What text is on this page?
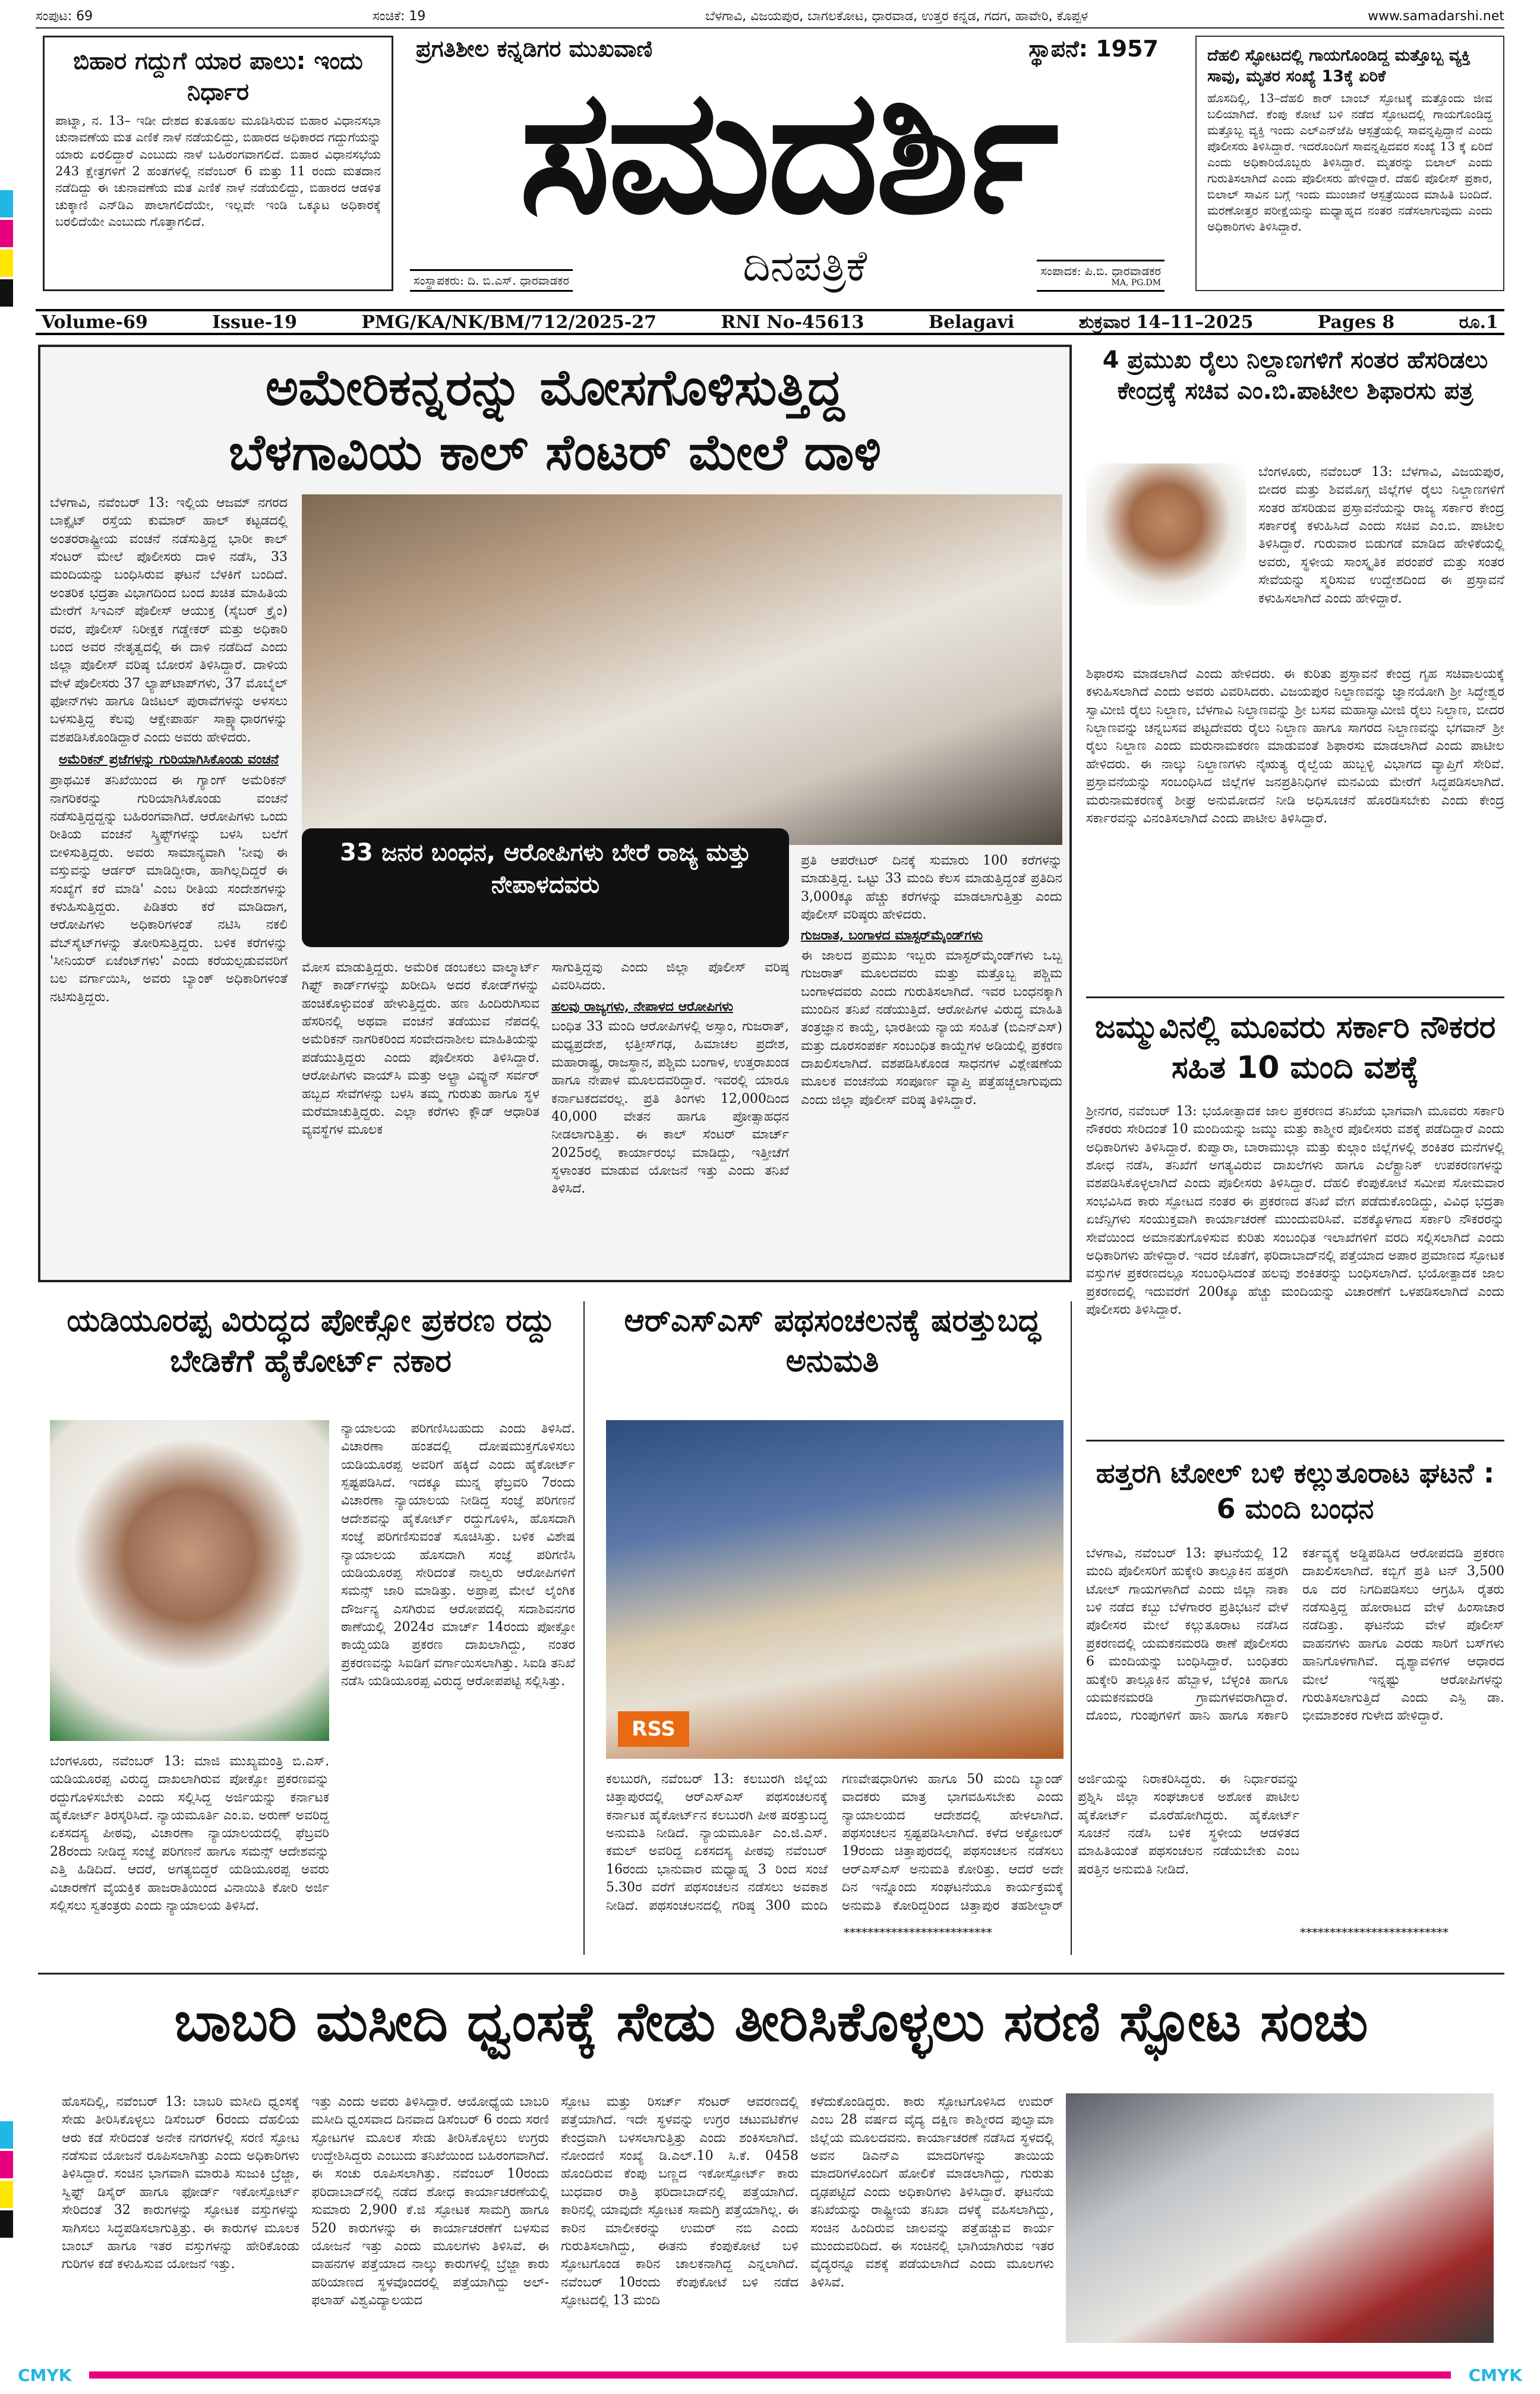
ಸಂಪುಟ: 69	ಸಂಚಿಕೆ: 19	ಬೆಳಗಾವಿ, ವಿಜಯಪುರ, ಬಾಗಲಕೋಟ, ಧಾರವಾಡ, ಉತ್ತರ ಕನ್ನಡ, ಗದಗ, ಹಾವೇರಿ, ಕೊಪ್ಪಳ	www.samadarshi.net
ಬಿಹಾರ ಗದ್ದುಗೆ ಯಾರ ಪಾಲು: ಇಂದು ನಿರ್ಧಾರ
ಪಾಟ್ನಾ, ನ. 13– ಇಡೀ ದೇಶದ ಕುತೂಹಲ ಮೂಡಿಸಿರುವ ಬಿಹಾರ ವಿಧಾನಸಭಾ ಚುನಾವಣೆಯ ಮತ ಎಣಿಕೆ ನಾಳೆ ನಡೆಯಲಿದ್ದು, ಬಿಹಾರದ ಅಧಿಕಾರದ ಗದ್ದುಗೆಯನ್ನು ಯಾರು ಏರಲಿದ್ದಾರೆ ಎಂಬುದು ನಾಳೆ ಬಹಿರಂಗವಾಗಲಿದೆ. ಬಿಹಾರ ವಿಧಾನಸಭೆಯ 243 ಕ್ಷೇತ್ರಗಳಿಗೆ 2 ಹಂತಗಳಲ್ಲಿ ನವೆಂಬರ್ 6 ಮತ್ತು 11 ರಂದು ಮತದಾನ ನಡೆದಿದ್ದು ಈ ಚುನಾವಣೆಯ ಮತ ಎಣಿಕೆ ನಾಳೆ ನಡೆಯಲಿದ್ದು, ಬಿಹಾರದ ಆಡಳಿತ ಚುಕ್ಕಾಣಿ ಎನ್‌ಡಿಎ ಪಾಲಾಗಲಿದೆಯೇ, ಇಲ್ಲವೇ ಇಂಡಿ ಒಕ್ಕೂಟ ಅಧಿಕಾರಕ್ಕೆ ಬರಲಿದೆಯೇ ಎಂಬುದು ಗೊತ್ತಾಗಲಿದೆ.
ಪ್ರಗತಿಶೀಲ ಕನ್ನಡಿಗರ ಮುಖವಾಣಿ	ಸ್ಥಾಪನೆ: 1957
ಸಮದರ್ಶಿ
ಸಂಸ್ಥಾಪಕರು: ದಿ. ಬಿ.ಎಸ್. ಧಾರವಾಡಕರ	ದಿನಪತ್ರಿಕೆ	ಸಂಪಾದಕ: ಪಿ.ಬಿ. ಧಾರವಾಡಕರ
MA, PG.DM
ದೆಹಲಿ ಸ್ಫೋಟದಲ್ಲಿ ಗಾಯಗೊಂಡಿದ್ದ ಮತ್ತೊಬ್ಬ ವ್ಯಕ್ತಿ ಸಾವು, ಮೃತರ ಸಂಖ್ಯೆ 13ಕ್ಕೆ ಏರಿಕೆ
ಹೊಸದಿಲ್ಲಿ, 13–ದೆಹಲಿ ಕಾರ್ ಬಾಂಬ್ ಸ್ಫೋಟಕ್ಕೆ ಮತ್ತೊಂದು ಜೀವ ಬಲಿಯಾಗಿದೆ. ಕೆಂಪು ಕೋಟೆ ಬಳಿ ನಡೆದ ಸ್ಫೋಟದಲ್ಲಿ ಗಾಯಗೊಂಡಿದ್ದ ಮತ್ತೊಬ್ಬ ವ್ಯಕ್ತಿ ಇಂದು ಎಲ್‌ಎನ್‌ಜೆಪಿ ಆಸ್ಪತ್ರೆಯಲ್ಲಿ ಸಾವನ್ನಪ್ಪಿದ್ದಾನೆ ಎಂದು ಪೊಲೀಸರು ತಿಳಿಸಿದ್ದಾರೆ. ಇದರೊಂದಿಗೆ ಸಾವನ್ನಪ್ಪಿದವರ ಸಂಖ್ಯೆ 13 ಕ್ಕೆ ಏರಿದೆ ಎಂದು ಅಧಿಕಾರಿಯೊಬ್ಬರು ತಿಳಿಸಿದ್ದಾರೆ. ಮೃತರನ್ನು ಬಿಲಾಲ್ ಎಂದು ಗುರುತಿಸಲಾಗಿದೆ ಎಂದು ಪೊಲೀಸರು ಹೇಳಿದ್ದಾರೆ. ದೆಹಲಿ ಪೊಲೀಸ್ ಪ್ರಕಾರ, ಬಿಲಾಲ್ ಸಾವಿನ ಬಗ್ಗೆ ಇಂದು ಮುಂಜಾನೆ ಆಸ್ಪತ್ರೆಯಿಂದ ಮಾಹಿತಿ ಬಂದಿದೆ. ಮರಣೋತ್ತರ ಪರೀಕ್ಷೆಯನ್ನು ಮಧ್ಯಾಹ್ನದ ನಂತರ ನಡೆಸಲಾಗುವುದು ಎಂದು ಅಧಿಕಾರಿಗಳು ತಿಳಿಸಿದ್ದಾರೆ.
Volume-69	Issue-19	PMG/KA/NK/BM/712/2025-27	RNI No-45613	Belagavi	ಶುಕ್ರವಾರ 14–11–2025	Pages 8	ರೂ.1
ಅಮೇರಿಕನ್ನರನ್ನು ಮೋಸಗೊಳಿಸುತ್ತಿದ್ದ
ಬೆಳಗಾವಿಯ ಕಾಲ್ ಸೆಂಟರ್ ಮೇಲೆ ದಾಳಿ
ಬೆಳಗಾವಿ, ನವೆಂಬರ್ 13: ಇಲ್ಲಿಯ ಆಜಮ್ ನಗರದ ಬಾಕ್ಸೈಟ್ ರಸ್ತೆಯ ಕುಮಾರ್ ಹಾಲ್ ಕಟ್ಟಡದಲ್ಲಿ ಅಂತರರಾಷ್ಟ್ರೀಯ ವಂಚನೆ ನಡೆಸುತ್ತಿದ್ದ ಭಾರೀ ಕಾಲ್ ಸೆಂಟರ್ ಮೇಲೆ ಪೊಲೀಸರು ದಾಳಿ ನಡೆಸಿ, 33 ಮಂದಿಯನ್ನು ಬಂಧಿಸಿರುವ ಘಟನೆ ಬೆಳಕಿಗೆ ಬಂದಿದೆ. ಅಂತರಿಕ ಭದ್ರತಾ ವಿಭಾಗದಿಂದ ಬಂದ ಖಚಿತ ಮಾಹಿತಿಯ ಮೇರೆಗೆ ಸಿಇಎನ್ ಪೊಲೀಸ್ ಆಯುಕ್ತ (ಸೈಬರ್ ಕ್ರೈಂ) ರವರ, ಪೊಲೀಸ್ ನಿರೀಕ್ಷಕ ಗಡ್ಡೇಕರ್ ಮತ್ತು ಅಧಿಕಾರಿ ಬಂದ ಅವರ ನೇತೃತ್ವದಲ್ಲಿ ಈ ದಾಳಿ ನಡೆದಿದೆ ಎಂದು ಜಿಲ್ಲಾ ಪೊಲೀಸ್ ವರಿಷ್ಠ ಬೋರಸೆ ತಿಳಿಸಿದ್ದಾರೆ. ದಾಳಿಯ ವೇಳೆ ಪೊಲೀಸರು 37 ಲ್ಯಾಪ್‌ಟಾಪ್‌ಗಳು, 37 ಮೊಬೈಲ್ ಫೋನ್‌ಗಳು ಹಾಗೂ ಡಿಜಿಟಲ್ ಪುರಾವೆಗಳನ್ನು ಅಳಸಲು ಬಳಸುತ್ತಿದ್ದ ಕೆಲವು ಆಕ್ಷೇಪಾರ್ಹ ಸಾಕ್ಷ್ಯಾಧಾರಗಳನ್ನು ವಶಪಡಿಸಿಕೊಂಡಿದ್ದಾರೆ ಎಂದು ಅವರು ಹೇಳಿದರು.
ಅಮೆರಿಕನ್ ಪ್ರಜೆಗಳನ್ನು ಗುರಿಯಾಗಿಸಿಕೊಂಡು ವಂಚನೆ
ಪ್ರಾಥಮಿಕ ತನಿಖೆಯಿಂದ ಈ ಗ್ಯಾಂಗ್ ಅಮೆರಿಕನ್ ನಾಗರಿಕರನ್ನು ಗುರಿಯಾಗಿಸಿಕೊಂಡು ವಂಚನೆ ನಡೆಸುತ್ತಿದ್ದದ್ದನ್ನು ಬಹಿರಂಗವಾಗಿದೆ. ಆರೋಪಿಗಳು ಒಂದು ರೀತಿಯ ವಂಚನೆ ಸ್ಕ್ರಿಪ್ಟ್‌ಗಳನ್ನು ಬಳಸಿ ಬಲೆಗೆ ಬೀಳಿಸುತ್ತಿದ್ದರು. ಅವರು ಸಾಮಾನ್ಯವಾಗಿ 'ನೀವು ಈ ವಸ್ತುವನ್ನು ಆರ್ಡರ್ ಮಾಡಿದ್ದೀರಾ, ಹಾಗಿಲ್ಲದಿದ್ದರೆ ಈ ಸಂಖ್ಯೆಗೆ ಕರೆ ಮಾಡಿ' ಎಂಬ ರೀತಿಯ ಸಂದೇಶಗಳನ್ನು ಕಳುಹಿಸುತ್ತಿದ್ದರು. ಪಿಡಿತರು ಕರೆ ಮಾಡಿದಾಗ, ಆರೋಪಿಗಳು ಅಧಿಕಾರಿಗಳಂತೆ ನಟಿಸಿ ನಕಲಿ ವೆಬ್‌ಸೈಟ್‌ಗಳನ್ನು ತೋರಿಸುತ್ತಿದ್ದರು. ಬಳಿಕ ಕರೆಗಳನ್ನು 'ಸೀನಿಯರ್ ಏಜೆಂಟ್‌ಗಳು' ಎಂದು ಕರೆಯಲ್ಪಡುವವರಿಗೆ ಬಲ ವರ್ಗಾಯಿಸಿ, ಅವರು ಬ್ಯಾಂಕ್ ಅಧಿಕಾರಿಗಳಂತೆ ನಟಿಸುತ್ತಿದ್ದರು.
33 ಜನರ ಬಂಧನ, ಆರೋಪಿಗಳು ಬೇರೆ ರಾಜ್ಯ ಮತ್ತು ನೇಪಾಳದವರು
ಮೋಸ ಮಾಡುತ್ತಿದ್ದರು. ಅಮೆರಿಕ ಡಂಬಕಲು ವಾಲ್ಮಾರ್ಟ್ ಗಿಫ್ಟ್ ಕಾರ್ಡ್‌ಗಳನ್ನು ಖರೀದಿಸಿ ಅದರ ಕೋಡ್‌ಗಳನ್ನು ಹಂಚಿಕೊಳ್ಳುವಂತೆ ಹೇಳುತ್ತಿದ್ದರು. ಹಣ ಹಿಂದಿರುಗಿಸುವ ಹೆಸರಿನಲ್ಲಿ ಅಥವಾ ವಂಚನೆ ತಡೆಯುವ ನೆಪದಲ್ಲಿ ಅಮೆರಿಕನ್ ನಾಗರಿಕರಿಂದ ಸಂವೇದನಾಶೀಲ ಮಾಹಿತಿಯನ್ನು ಪಡೆಯುತ್ತಿದ್ದರು ಎಂದು ಪೊಲೀಸರು ತಿಳಿಸಿದ್ದಾರೆ. ಆರೋಪಿಗಳು ವಾಯ್‌ಸಿ ಮತ್ತು ಅಲ್ಟ್ರಾ ವಿವ್ಯುನ್ ಸರ್ವರ್ ಹಬ್ಬದ ಸೇವೆಗಳನ್ನು ಬಳಸಿ ತಮ್ಮ ಗುರುತು ಹಾಗೂ ಸ್ಥಳ ಮರೆಮಾಚುತ್ತಿದ್ದರು. ಎಲ್ಲಾ ಕರೆಗಳು ಕ್ಲೌಡ್ ಆಧಾರಿತ ವ್ಯವಸ್ಥೆಗಳ ಮೂಲಕ
ಸಾಗುತ್ತಿದ್ದವು ಎಂದು ಜಿಲ್ಲಾ ಪೊಲೀಸ್ ವರಿಷ್ಠ ವಿವರಿಸಿದರು.
ಹಲವು ರಾಜ್ಯಗಳು, ನೇಪಾಳದ ಆರೋಪಿಗಳು
ಬಂಧಿತ 33 ಮಂದಿ ಆರೋಪಿಗಳಲ್ಲಿ ಅಸ್ಸಾಂ, ಗುಜರಾತ್, ಮಧ್ಯಪ್ರದೇಶ, ಛತ್ತೀಸ್‌ಗಢ, ಹಿಮಾಚಲ ಪ್ರದೇಶ, ಮಹಾರಾಷ್ಟ್ರ, ರಾಜಸ್ಥಾನ, ಪಶ್ಚಿಮ ಬಂಗಾಳ, ಉತ್ತರಾಖಂಡ ಹಾಗೂ ನೇಪಾಳ ಮೂಲದವರಿದ್ದಾರೆ. ಇವರಲ್ಲಿ ಯಾರೂ ಕರ್ನಾಟಕದವರಲ್ಲ. ಪ್ರತಿ ತಿಂಗಳು 12,000ದಿಂದ 40,000 ವೇತನ ಹಾಗೂ ಪ್ರೋತ್ಸಾಹಧನ ನೀಡಲಾಗುತ್ತಿತ್ತು. ಈ ಕಾಲ್ ಸೆಂಟರ್ ಮಾರ್ಚ್ 2025ರಲ್ಲಿ ಕಾರ್ಯಾರಂಭ ಮಾಡಿದ್ದು, ಇತ್ತೀಚೆಗೆ ಸ್ಥಳಾಂತರ ಮಾಡುವ ಯೋಜನೆ ಇತ್ತು ಎಂದು ತನಿಖೆ ತಿಳಿಸಿದೆ.
ಪ್ರತಿ ಆಪರೇಟರ್ ದಿನಕ್ಕೆ ಸುಮಾರು 100 ಕರೆಗಳನ್ನು ಮಾಡುತ್ತಿದ್ದ. ಒಟ್ಟು 33 ಮಂದಿ ಕೆಲಸ ಮಾಡುತ್ತಿದ್ದಂತೆ ಪ್ರತಿದಿನ 3,000ಕ್ಕೂ ಹೆಚ್ಚು ಕರೆಗಳನ್ನು ಮಾಡಲಾಗುತ್ತಿತ್ತು ಎಂದು ಪೊಲೀಸ್ ವರಿಷ್ಠರು ಹೇಳಿದರು.
ಗುಜರಾತ, ಬಂಗಾಳದ ಮಾಸ್ಟರ್‌ಮೈಂಡ್‌ಗಳು
ಈ ಜಾಲದ ಪ್ರಮುಖ ಇಬ್ಬರು ಮಾಸ್ಟರ್‌ಮೈಂಡ್‌ಗಳು ಒಬ್ಬ ಗುಜರಾತ್ ಮೂಲದವರು ಮತ್ತು ಮತ್ತೊಬ್ಬ ಪಶ್ಚಿಮ ಬಂಗಾಳದವರು ಎಂದು ಗುರುತಿಸಲಾಗಿದೆ. ಇವರ ಬಂಧನಕ್ಕಾಗಿ ಮುಂದಿನ ತನಿಖೆ ನಡೆಯುತ್ತಿದೆ. ಆರೋಪಿಗಳ ವಿರುದ್ಧ ಮಾಹಿತಿ ತಂತ್ರಜ್ಞಾನ ಕಾಯ್ದೆ, ಭಾರತೀಯ ನ್ಯಾಯ ಸಂಹಿತೆ (ಬಿಎನ್‌ಎಸ್) ಮತ್ತು ದೂರಸಂಪರ್ಕ ಸಂಬಂಧಿತ ಕಾಯ್ದೆಗಳ ಅಡಿಯಲ್ಲಿ ಪ್ರಕರಣ ದಾಖಲಿಸಲಾಗಿದೆ. ವಶಪಡಿಸಿಕೊಂಡ ಸಾಧನಗಳ ವಿಶ್ಲೇಷಣೆಯ ಮೂಲಕ ವಂಚನೆಯ ಸಂಪೂರ್ಣ ವ್ಯಾಪ್ತಿ ಪತ್ತೆಹಚ್ಚಲಾಗುವುದು ಎಂದು ಜಿಲ್ಲಾ ಪೊಲೀಸ್ ವರಿಷ್ಠ ತಿಳಿಸಿದ್ದಾರೆ.
4 ಪ್ರಮುಖ ರೈಲು ನಿಲ್ದಾಣಗಳಿಗೆ ಸಂತರ ಹೆಸರಿಡಲು ಕೇಂದ್ರಕ್ಕೆ ಸಚಿವ ಎಂ.ಬಿ.ಪಾಟೀಲ ಶಿಫಾರಸು ಪತ್ರ
ಬೆಂಗಳೂರು, ನವೆಂಬರ್ 13: ಬೆಳಗಾವಿ, ವಿಜಯಪುರ, ಬೀದರ ಮತ್ತು ಶಿವಮೊಗ್ಗ ಜಿಲ್ಲೆಗಳ ರೈಲು ನಿಲ್ದಾಣಗಳಿಗೆ ಸಂತರ ಹೆಸರಿಡುವ ಪ್ರಸ್ತಾವನೆಯನ್ನು ರಾಜ್ಯ ಸರ್ಕಾರ ಕೇಂದ್ರ ಸರ್ಕಾರಕ್ಕೆ ಕಳುಹಿಸಿದೆ ಎಂದು ಸಚಿವ ಎಂ.ಬಿ. ಪಾಟೀಲ ತಿಳಿಸಿದ್ದಾರೆ. ಗುರುವಾರ ಬಿಡುಗಡೆ ಮಾಡಿದ ಹೇಳಿಕೆಯಲ್ಲಿ ಅವರು, ಸ್ಥಳೀಯ ಸಾಂಸ್ಕೃತಿಕ ಪರಂಪರೆ ಮತ್ತು ಸಂತರ ಸೇವೆಯನ್ನು ಸ್ಮರಿಸುವ ಉದ್ದೇಶದಿಂದ ಈ ಪ್ರಸ್ತಾವನೆ ಕಳುಹಿಸಲಾಗಿದೆ ಎಂದು ಹೇಳಿದ್ದಾರೆ.
ಶಿಫಾರಸು ಮಾಡಲಾಗಿದೆ ಎಂದು ಹೇಳಿದರು. ಈ ಕುರಿತು ಪ್ರಸ್ತಾವನೆ ಕೇಂದ್ರ ಗೃಹ ಸಚಿವಾಲಯಕ್ಕೆ ಕಳುಹಿಸಲಾಗಿದೆ ಎಂದು ಅವರು ವಿವರಿಸಿದರು. ವಿಜಯಪುರ ನಿಲ್ದಾಣವನ್ನು ಜ್ಞಾನಯೋಗಿ ಶ್ರೀ ಸಿದ್ಧೇಶ್ವರ ಸ್ವಾಮೀಜಿ ರೈಲು ನಿಲ್ದಾಣ, ಬೆಳಗಾವಿ ನಿಲ್ದಾಣವನ್ನು ಶ್ರೀ ಬಸವ ಮಹಾಸ್ವಾಮೀಜಿ ರೈಲು ನಿಲ್ದಾಣ, ಬೀದರ ನಿಲ್ದಾಣವನ್ನು ಚನ್ನಬಸವ ಪಟ್ಟದೇವರು ರೈಲು ನಿಲ್ದಾಣ ಹಾಗೂ ಸಾಗರದ ನಿಲ್ದಾಣವನ್ನು ಭಗವಾನ್ ಶ್ರೀ ರೈಲು ನಿಲ್ದಾಣ ಎಂದು ಮರುನಾಮಕರಣ ಮಾಡುವಂತೆ ಶಿಫಾರಸು ಮಾಡಲಾಗಿದೆ ಎಂದು ಪಾಟೀಲ ಹೇಳಿದರು. ಈ ನಾಲ್ಕು ನಿಲ್ದಾಣಗಳು ನೈಋತ್ಯ ರೈಲ್ವೆಯ ಹುಬ್ಬಳ್ಳಿ ವಿಭಾಗದ ವ್ಯಾಪ್ತಿಗೆ ಸೇರಿವೆ. ಪ್ರಸ್ತಾವನೆಯನ್ನು ಸಂಬಂಧಿಸಿದ ಜಿಲ್ಲೆಗಳ ಜನಪ್ರತಿನಿಧಿಗಳ ಮನವಿಯ ಮೇರೆಗೆ ಸಿದ್ಧಪಡಿಸಲಾಗಿದೆ. ಮರುನಾಮಕರಣಕ್ಕೆ ಶೀಘ್ರ ಅನುಮೋದನೆ ನೀಡಿ ಅಧಿಸೂಚನೆ ಹೊರಡಿಸಬೇಕು ಎಂದು ಕೇಂದ್ರ ಸರ್ಕಾರವನ್ನು ವಿನಂತಿಸಲಾಗಿದೆ ಎಂದು ಪಾಟೀಲ ತಿಳಿಸಿದ್ದಾರೆ.
ಜಮ್ಮುವಿನಲ್ಲಿ ಮೂವರು ಸರ್ಕಾರಿ ನೌಕರರ ಸಹಿತ 10 ಮಂದಿ ವಶಕ್ಕೆ
ಶ್ರೀನಗರ, ನವೆಂಬರ್ 13: ಭಯೋತ್ಪಾದಕ ಜಾಲ ಪ್ರಕರಣದ ತನಿಖೆಯ ಭಾಗವಾಗಿ ಮೂವರು ಸರ್ಕಾರಿ ನೌಕರರು ಸೇರಿದಂತೆ 10 ಮಂದಿಯನ್ನು ಜಮ್ಮು ಮತ್ತು ಕಾಶ್ಮೀರ ಪೊಲೀಸರು ವಶಕ್ಕೆ ಪಡೆದಿದ್ದಾರೆ ಎಂದು ಅಧಿಕಾರಿಗಳು ತಿಳಿಸಿದ್ದಾರೆ. ಕುಪ್ವಾರಾ, ಬಾರಾಮುಲ್ಲಾ ಮತ್ತು ಕುಲ್ಗಾಂ ಜಿಲ್ಲೆಗಳಲ್ಲಿ ಶಂಕಿತರ ಮನೆಗಳಲ್ಲಿ ಶೋಧ ನಡೆಸಿ, ತನಿಖೆಗೆ ಅಗತ್ಯವಿರುವ ದಾಖಲೆಗಳು ಹಾಗೂ ಎಲೆಕ್ಟ್ರಾನಿಕ್ ಉಪಕರಣಗಳನ್ನು ವಶಪಡಿಸಿಕೊಳ್ಳಲಾಗಿದೆ ಎಂದು ಪೊಲೀಸರು ತಿಳಿಸಿದ್ದಾರೆ. ದೆಹಲಿ ಕೆಂಪುಕೋಟೆ ಸಮೀಪ ಸೋಮವಾರ ಸಂಭವಿಸಿದ ಕಾರು ಸ್ಫೋಟದ ನಂತರ ಈ ಪ್ರಕರಣದ ತನಿಖೆ ವೇಗ ಪಡೆದುಕೊಂಡಿದ್ದು, ವಿವಿಧ ಭದ್ರತಾ ಏಜೆನ್ಸಿಗಳು ಸಂಯುಕ್ತವಾಗಿ ಕಾರ್ಯಾಚರಣೆ ಮುಂದುವರಿಸಿವೆ. ವಶಕ್ಕೊಳಗಾದ ಸರ್ಕಾರಿ ನೌಕರರನ್ನು ಸೇವೆಯಿಂದ ಅಮಾನತುಗೊಳಿಸುವ ಕುರಿತು ಸಂಬಂಧಿತ ಇಲಾಖೆಗಳಿಗೆ ವರದಿ ಸಲ್ಲಿಸಲಾಗಿದೆ ಎಂದು ಅಧಿಕಾರಿಗಳು ಹೇಳಿದ್ದಾರೆ. ಇದರ ಜೊತೆಗೆ, ಫರಿದಾಬಾದ್‌ನಲ್ಲಿ ಪತ್ತೆಯಾದ ಅಪಾರ ಪ್ರಮಾಣದ ಸ್ಫೋಟಕ ವಸ್ತುಗಳ ಪ್ರಕರಣದಲ್ಲೂ ಸಂಬಂಧಿಸಿದಂತೆ ಹಲವು ಶಂಕಿತರನ್ನು ಬಂಧಿಸಲಾಗಿದೆ. ಭಯೋತ್ಪಾದಕ ಜಾಲ ಪ್ರಕರಣದಲ್ಲಿ ಇದುವರೆಗೆ 200ಕ್ಕೂ ಹೆಚ್ಚು ಮಂದಿಯನ್ನು ವಿಚಾರಣೆಗೆ ಒಳಪಡಿಸಲಾಗಿದೆ ಎಂದು ಪೊಲೀಸರು ತಿಳಿಸಿದ್ದಾರೆ.
ಯಡಿಯೂರಪ್ಪ ವಿರುದ್ಧದ ಪೋಕ್ಸೋ ಪ್ರಕರಣ ರದ್ದು ಬೇಡಿಕೆಗೆ ಹೈಕೋರ್ಟ್ ನಕಾರ
ನ್ಯಾಯಾಲಯ ಪರಿಗಣಿಸಿಬಹುದು ಎಂದು ತಿಳಿಸಿದೆ. ವಿಚಾರಣಾ ಹಂತದಲ್ಲಿ ದೋಷಮುಕ್ತಗೊಳಿಸಲು ಯಡಿಯೂರಪ್ಪ ಅವರಿಗೆ ಹಕ್ಕಿದೆ ಎಂದು ಹೈಕೋರ್ಟ್ ಸ್ಪಷ್ಟಪಡಿಸಿದೆ. ಇದಕ್ಕೂ ಮುನ್ನ ಫೆಬ್ರವರಿ 7ರಂದು ವಿಚಾರಣಾ ನ್ಯಾಯಾಲಯ ನೀಡಿದ್ದ ಸಂಜ್ಞೆ ಪರಿಗಣನೆ ಆದೇಶವನ್ನು ಹೈಕೋರ್ಟ್ ರದ್ದುಗೊಳಿಸಿ, ಹೊಸದಾಗಿ ಸಂಜ್ಞೆ ಪರಿಗಣಿಸುವಂತೆ ಸೂಚಿಸಿತ್ತು. ಬಳಿಕ ವಿಶೇಷ ನ್ಯಾಯಾಲಯ ಹೊಸದಾಗಿ ಸಂಜ್ಞೆ ಪರಿಗಣಿಸಿ ಯಡಿಯೂರಪ್ಪ ಸೇರಿದಂತೆ ನಾಲ್ವರು ಆರೋಪಿಗಳಿಗೆ ಸಮನ್ಸ್ ಜಾರಿ ಮಾಡಿತ್ತು. ಅಪ್ರಾಪ್ತ ಮೇಲೆ ಲೈಂಗಿಕ ದೌರ್ಜನ್ಯ ಎಸಗಿರುವ ಆರೋಪದಲ್ಲಿ ಸದಾಶಿವನಗರ ಠಾಣೆಯಲ್ಲಿ 2024ರ ಮಾರ್ಚ್ 14ರಂದು ಪೋಕ್ಸೋ ಕಾಯ್ದೆಯಡಿ ಪ್ರಕರಣ ದಾಖಲಾಗಿದ್ದು, ನಂತರ ಪ್ರಕರಣವನ್ನು ಸಿಐಡಿಗೆ ವರ್ಗಾಯಿಸಲಾಗಿತ್ತು. ಸಿಐಡಿ ತನಿಖೆ ನಡೆಸಿ ಯಡಿಯೂರಪ್ಪ ವಿರುದ್ಧ ಆರೋಪಪಟ್ಟಿ ಸಲ್ಲಿಸಿತ್ತು.
ಬೆಂಗಳೂರು, ನವೆಂಬರ್ 13: ಮಾಜಿ ಮುಖ್ಯಮಂತ್ರಿ ಬಿ.ಎಸ್. ಯಡಿಯೂರಪ್ಪ ವಿರುದ್ಧ ದಾಖಲಾಗಿರುವ ಪೋಕ್ಸೋ ಪ್ರಕರಣವನ್ನು ರದ್ದುಗೊಳಿಸಬೇಕು ಎಂದು ಸಲ್ಲಿಸಿದ್ದ ಅರ್ಜಿಯನ್ನು ಕರ್ನಾಟಕ ಹೈಕೋರ್ಟ್ ತಿರಸ್ಕರಿಸಿದೆ. ನ್ಯಾಯಮೂರ್ತಿ ಎಂ.ಐ. ಅರುಣ್ ಅವರಿದ್ದ ಏಕಸದಸ್ಯ ಪೀಠವು, ವಿಚಾರಣಾ ನ್ಯಾಯಾಲಯದಲ್ಲಿ ಫೆಬ್ರವರಿ 28ರಂದು ನೀಡಿದ್ದ ಸಂಜ್ಞೆ ಪರಿಗಣನೆ ಹಾಗೂ ಸಮನ್ಸ್ ಆದೇಶವನ್ನು ಎತ್ತಿ ಹಿಡಿದಿದೆ. ಆದರೆ, ಅಗತ್ಯಬಿದ್ದರೆ ಯಡಿಯೂರಪ್ಪ ಅವರು ವಿಚಾರಣೆಗೆ ವೈಯಕ್ತಿಕ ಹಾಜರಾತಿಯಿಂದ ವಿನಾಯಿತಿ ಕೋರಿ ಅರ್ಜಿ ಸಲ್ಲಿಸಲು ಸ್ವತಂತ್ರರು ಎಂದು ನ್ಯಾಯಾಲಯ ತಿಳಿಸಿದೆ.
ಆರ್‌ಎಸ್‌ಎಸ್ ಪಥಸಂಚಲನಕ್ಕೆ ಷರತ್ತುಬದ್ಧ ಅನುಮತಿ
RSS
ಕಲಬುರಗಿ, ನವೆಂಬರ್ 13: ಕಲಬುರಗಿ ಜಿಲ್ಲೆಯ ಚಿತ್ತಾಪುರದಲ್ಲಿ ಆರ್‌ಎಸ್‌ಎಸ್ ಪಥಸಂಚಲನಕ್ಕೆ ಕರ್ನಾಟಕ ಹೈಕೋರ್ಟ್‌ನ ಕಲಬುರಗಿ ಪೀಠ ಷರತ್ತುಬದ್ಧ ಅನುಮತಿ ನೀಡಿದೆ. ನ್ಯಾಯಮೂರ್ತಿ ಎಂ.ಜಿ.ಎಸ್. ಕಮಲ್ ಅವರಿದ್ದ ಏಕಸದಸ್ಯ ಪೀಠವು ನವೆಂಬರ್ 16ರಂದು ಭಾನುವಾರ ಮಧ್ಯಾಹ್ನ 3 ರಿಂದ ಸಂಜೆ 5.30ರ ವರೆಗೆ ಪಥಸಂಚಲನ ನಡೆಸಲು ಅವಕಾಶ ನೀಡಿದೆ. ಪಥಸಂಚಲನದಲ್ಲಿ ಗರಿಷ್ಠ 300 ಮಂದಿ ಗಣವೇಷಧಾರಿಗಳು ಹಾಗೂ 50 ಮಂದಿ ಬ್ಯಾಂಡ್ ವಾದಕರು ಮಾತ್ರ ಭಾಗವಹಿಸಬೇಕು ಎಂದು ನ್ಯಾಯಾಲಯದ ಆದೇಶದಲ್ಲಿ ಹೇಳಲಾಗಿದೆ. ಪಥಸಂಚಲನ ಸ್ಪಷ್ಟಪಡಿಸಿಲಾಗಿದೆ. ಕಳೆದ ಅಕ್ಟೋಬರ್ 19ರಂದು ಚಿತ್ತಾಪುರದಲ್ಲಿ ಪಥಸಂಚಲನ ನಡೆಸಲು ಆರ್‌ಎಸ್‌ಎಸ್ ಅನುಮತಿ ಕೋರಿತ್ತು. ಆದರೆ ಅದೇ ದಿನ ಇನ್ನೊಂದು ಸಂಘಟನೆಯೂ ಕಾರ್ಯಕ್ರಮಕ್ಕೆ ಅನುಮತಿ ಕೋರಿದ್ದರಿಂದ ಚಿತ್ತಾಪುರ ತಹಶೀಲ್ದಾರ್ ಅರ್ಜಿಯನ್ನು ನಿರಾಕರಿಸಿದ್ದರು. ಈ ನಿರ್ಧಾರವನ್ನು ಪ್ರಶ್ನಿಸಿ ಜಿಲ್ಲಾ ಸಂಘಚಾಲಕ ಅಶೋಕ ಪಾಟೀಲ ಹೈಕೋರ್ಟ್ ಮೊರೆಹೋಗಿದ್ದರು. ಹೈಕೋರ್ಟ್ ಸೂಚನೆ ನಡೆಸಿ ಬಳಿಕ ಸ್ಥಳೀಯ ಆಡಳಿತದ ಮಾಹಿತಿಯಂತೆ ಪಥಸಂಚಲನ ನಡೆಯಬೇಕು ಎಂಬ ಷರತ್ತಿನ ಅನುಮತಿ ನೀಡಿದೆ.
*************************
ಹತ್ತರಗಿ ಟೋಲ್ ಬಳಿ ಕಲ್ಲುತೂರಾಟ ಘಟನೆ : 6 ಮಂದಿ ಬಂಧನ
ಬೆಳಗಾವಿ, ನವೆಂಬರ್ 13: ಘಟನೆಯಲ್ಲಿ 12 ಮಂದಿ ಪೊಲೀಸರಿಗೆ ಹುಕ್ಕೇರಿ ತಾಲ್ಲೂಕಿನ ಹತ್ತರಗಿ ಟೋಲ್ ಗಾಯಗಳಾಗಿದೆ ಎಂದು ಜಿಲ್ಲಾ ನಾಕಾ ಬಳಿ ನಡೆದ ಕಬ್ಬು ಬೆಳೆಗಾರರ ಪ್ರತಿಭಟನೆ ವೇಳೆ ಪೊಲೀಸರ ಮೇಲೆ ಕಲ್ಲುತೂರಾಟ ನಡೆಸಿದ ಪ್ರಕರಣದಲ್ಲಿ ಯಮಕನಮರಡಿ ಠಾಣೆ ಪೊಲೀಸರು 6 ಮಂದಿಯನ್ನು ಬಂಧಿಸಿದ್ದಾರೆ. ಬಂಧಿತರು ಹುಕ್ಕೇರಿ ತಾಲ್ಲೂಕಿನ ಹೆಬ್ಬಾಳ, ಬೆಳ್ಳಂಕಿ ಹಾಗೂ ಯಮಕನಮರಡಿ ಗ್ರಾಮಗಳವರಾಗಿದ್ದಾರೆ. ದೊಂಬಿ, ಗುಂಪುಗಳಿಗೆ ಹಾನಿ ಹಾಗೂ ಸರ್ಕಾರಿ ಕರ್ತವ್ಯಕ್ಕೆ ಅಡ್ಡಿಪಡಿಸಿದ ಆರೋಪದಡಿ ಪ್ರಕರಣ ದಾಖಲಿಸಲಾಗಿದೆ. ಕಬ್ಬಿಗೆ ಪ್ರತಿ ಟನ್ 3,500 ರೂ ದರ ನಿಗದಿಪಡಿಸಲು ಆಗ್ರಹಿಸಿ ರೈತರು ನಡೆಸುತ್ತಿದ್ದ ಹೋರಾಟದ ವೇಳೆ ಹಿಂಸಾಚಾರ ನಡೆದಿತ್ತು. ಘಟನೆಯ ವೇಳೆ ಪೊಲೀಸ್ ವಾಹನಗಳು ಹಾಗೂ ಎರಡು ಸಾರಿಗೆ ಬಸ್‌ಗಳು ಹಾನಿಗೊಳಗಾಗಿವೆ. ದೃಶ್ಯಾವಳಿಗಳ ಆಧಾರದ ಮೇಲೆ ಇನ್ನಷ್ಟು ಆರೋಪಿಗಳನ್ನು ಗುರುತಿಸಲಾಗುತ್ತಿದೆ ಎಂದು ಎಸ್ಪಿ ಡಾ. ಭೀಮಾಶಂಕರ ಗುಳೇದ ಹೇಳಿದ್ದಾರೆ.
*************************
ಬಾಬರಿ ಮಸೀದಿ ಧ್ವಂಸಕ್ಕೆ ಸೇಡು ತೀರಿಸಿಕೊಳ್ಳಲು ಸರಣಿ ಸ್ಫೋಟ ಸಂಚು
ಹೊಸದಿಲ್ಲಿ, ನವೆಂಬರ್ 13: ಬಾಬರಿ ಮಸೀದಿ ಧ್ವಂಸಕ್ಕೆ ಸೇಡು ತೀರಿಸಿಕೊಳ್ಳಲು ಡಿಸೆಂಬರ್ 6ರಂದು ದೆಹಲಿಯ ಆರು ಕಡೆ ಸೇರಿದಂತೆ ಅನೇಕ ನಗರಗಳಲ್ಲಿ ಸರಣಿ ಸ್ಫೋಟ ನಡೆಸುವ ಯೋಜನೆ ರೂಪಿಸಲಾಗಿತ್ತು ಎಂದು ಅಧಿಕಾರಿಗಳು ತಿಳಿಸಿದ್ದಾರೆ. ಸಂಚಿನ ಭಾಗವಾಗಿ ಮಾರುತಿ ಸುಜುಕಿ ಬ್ರೆಜ್ಜಾ, ಸ್ವಿಫ್ಟ್ ಡಿಸೈರ್ ಹಾಗೂ ಫೋರ್ಡ್ ಇಕೋಸ್ಪೋರ್ಟ್ ಸೇರಿದಂತೆ 32 ಕಾರುಗಳನ್ನು ಸ್ಫೋಟಕ ವಸ್ತುಗಳನ್ನು ಸಾಗಿಸಲು ಸಿದ್ಧಪಡಿಸಲಾಗುತ್ತಿತ್ತು. ಈ ಕಾರುಗಳ ಮೂಲಕ ಬಾಂಬ್ ಹಾಗೂ ಇತರ ವಸ್ತುಗಳನ್ನು ಹೇರಿಕೊಂಡು ಗುರಿಗಳ ಕಡೆ ಕಳುಹಿಸುವ ಯೋಜನೆ ಇತ್ತು.
ಇತ್ತು ಎಂದು ಅವರು ತಿಳಿಸಿದ್ದಾರೆ. ಆಯೋಧ್ಯೆಯ ಬಾಬರಿ ಮಸೀದಿ ಧ್ವಂಸವಾದ ದಿನವಾದ ಡಿಸೆಂಬರ್ 6 ರಂದು ಸರಣಿ ಸ್ಫೋಟಗಳ ಮೂಲಕ ಸೇಡು ತೀರಿಸಿಕೊಳ್ಳಲು ಉಗ್ರರು ಉದ್ದೇಶಿಸಿದ್ದರು ಎಂಬುದು ತನಿಖೆಯಿಂದ ಬಹಿರಂಗವಾಗಿದೆ. ಈ ಸಂಚು ರೂಪಿಸಲಾಗಿತ್ತು. ನವೆಂಬರ್ 10ರಂದು ಫರಿದಾಬಾದ್‌ನಲ್ಲಿ ನಡೆದ ಶೋಧ ಕಾರ್ಯಾಚರಣೆಯಲ್ಲಿ ಸುಮಾರು 2,900 ಕೆ.ಜಿ ಸ್ಫೋಟಕ ಸಾಮಗ್ರಿ ಹಾಗೂ 520 ಕಾರುಗಳನ್ನು ಈ ಕಾರ್ಯಾಚರಣೆಗೆ ಬಳಸುವ ಯೋಜನೆ ಇತ್ತು ಎಂದು ಮೂಲಗಳು ತಿಳಿಸಿವೆ. ಈ ವಾಹನಗಳ ಪತ್ತೆಯಾದ ನಾಲ್ಕು ಕಾರುಗಳಲ್ಲಿ ಬ್ರೆಜ್ಜಾ ಕಾರು ಹರಿಯಾಣದ ಸ್ಥಳವೊಂದರಲ್ಲಿ ಪತ್ತೆಯಾಗಿದ್ದು ಅಲ್-ಫಲಾಹ್ ವಿಶ್ವವಿದ್ಯಾಲಯದ
ಸ್ಫೋಟ ಮತ್ತು ರಿಸರ್ಚ್ ಸೆಂಟರ್ ಆವರಣದಲ್ಲಿ ಪತ್ತೆಯಾಗಿದೆ. ಇದೇ ಸ್ಥಳವನ್ನು ಉಗ್ರರ ಚಟುವಟಿಕೆಗಳ ಕೇಂದ್ರವಾಗಿ ಬಳಸಲಾಗುತ್ತಿತ್ತು ಎಂದು ಶಂಕಿಸಲಾಗಿದೆ. ನೋಂದಣಿ ಸಂಖ್ಯೆ ಡಿ.ಎಲ್.10 ಸಿ.ಕೆ. 0458 ಹೊಂದಿರುವ ಕೆಂಪು ಬಣ್ಣದ ಇಕೋಸ್ಪೋರ್ಟ್ ಕಾರು ಬುಧವಾರ ರಾತ್ರಿ ಫರಿದಾಬಾದ್‌ನಲ್ಲಿ ಪತ್ತೆಯಾಗಿದೆ. ಕಾರಿನಲ್ಲಿ ಯಾವುದೇ ಸ್ಫೋಟಕ ಸಾಮಗ್ರಿ ಪತ್ತೆಯಾಗಿಲ್ಲ. ಈ ಕಾರಿನ ಮಾಲೀಕರನ್ನು ಉಮರ್ ನಬಿ ಎಂದು ಗುರುತಿಸಲಾಗಿದ್ದು, ಈತನು ಕೆಂಪುಕೋಟೆ ಬಳಿ ಸ್ಫೋಟಗೊಂಡ ಕಾರಿನ ಚಾಲಕನಾಗಿದ್ದ ಎನ್ನಲಾಗಿದೆ. ನವೆಂಬರ್ 10ರಂದು ಕೆಂಪುಕೋಟೆ ಬಳಿ ನಡೆದ ಸ್ಫೋಟದಲ್ಲಿ 13 ಮಂದಿ
ಕಳೆದುಕೊಂಡಿದ್ದರು. ಕಾರು ಸ್ಫೋಟಗೊಳಿಸಿದ ಉಮರ್ ಎಂಬ 28 ವರ್ಷದ ವೈದ್ಯ ದಕ್ಷಿಣ ಕಾಶ್ಮೀರದ ಪುಲ್ವಾಮಾ ಜಿಲ್ಲೆಯ ಮೂಲದವನು. ಕಾರ್ಯಾಚರಣೆ ನಡೆಸಿದ ಸ್ಥಳದಲ್ಲಿ ಅವನ ಡಿಎನ್‌ಎ ಮಾದರಿಗಳನ್ನು ತಾಯಿಯ ಮಾದರಿಗಳೊಂದಿಗೆ ಹೋಲಿಕೆ ಮಾಡಲಾಗಿದ್ದು, ಗುರುತು ದೃಢಪಟ್ಟಿದೆ ಎಂದು ಅಧಿಕಾರಿಗಳು ತಿಳಿಸಿದ್ದಾರೆ. ಘಟನೆಯ ತನಿಖೆಯನ್ನು ರಾಷ್ಟ್ರೀಯ ತನಿಖಾ ದಳಕ್ಕೆ ವಹಿಸಲಾಗಿದ್ದು, ಸಂಚಿನ ಹಿಂದಿರುವ ಜಾಲವನ್ನು ಪತ್ತೆಹಚ್ಚುವ ಕಾರ್ಯ ಮುಂದುವರಿದಿದೆ. ಈ ಸಂಚಿನಲ್ಲಿ ಭಾಗಿಯಾಗಿರುವ ಇತರ ವೈದ್ಯರನ್ನೂ ವಶಕ್ಕೆ ಪಡೆಯಲಾಗಿದೆ ಎಂದು ಮೂಲಗಳು ತಿಳಿಸಿವೆ.
CMYK	CMYK
